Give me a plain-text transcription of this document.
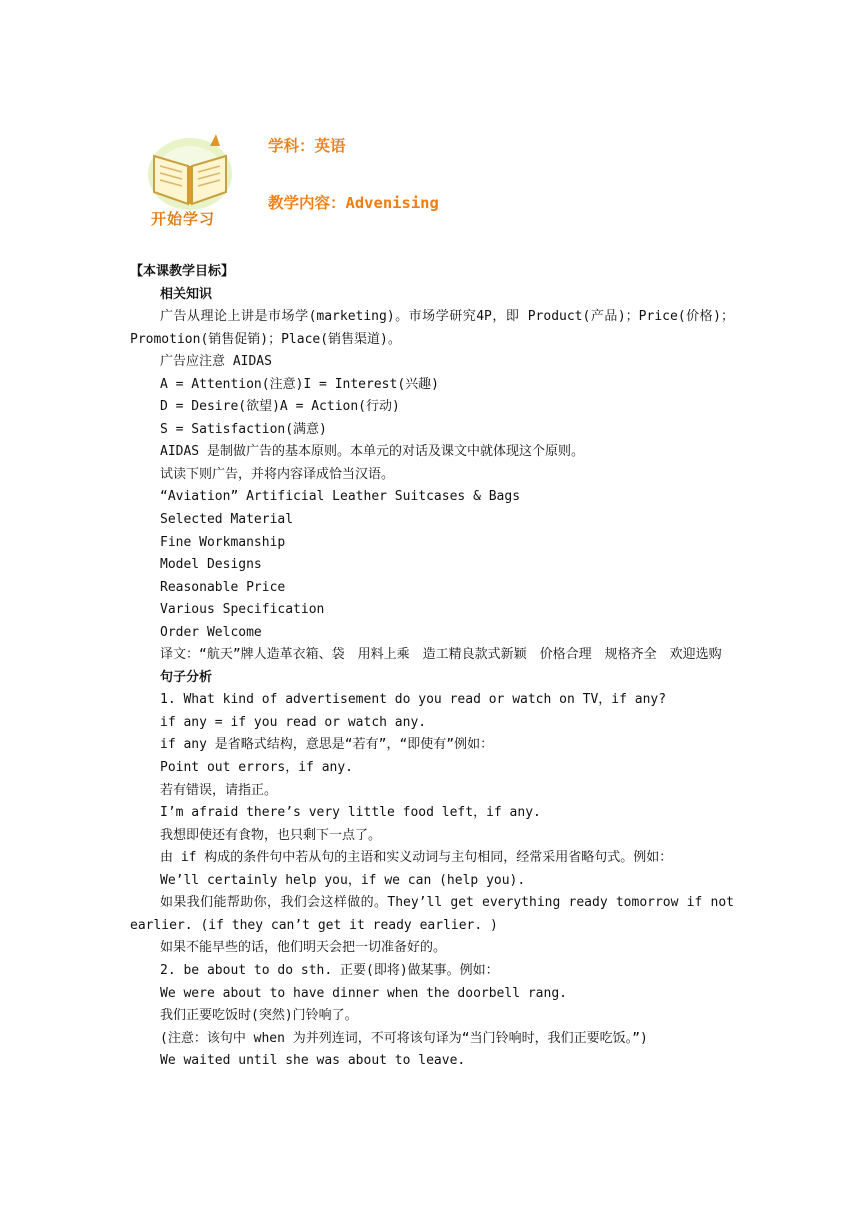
开始学习
学科：英语
教学内容：Advenising
【本课教学目标】
相关知识
广告从理论上讲是市场学(marketing)。市场学研究4P，即 Product(产品)；Price(价格)；Promotion(销售促销)；Place(销售渠道)。
广告应注意 AIDAS
A = Attention(注意)I = Interest(兴趣)
D = Desire(欲望)A = Action(行动)
S = Satisfaction(满意)
AIDAS 是制做广告的基本原则。本单元的对话及课文中就体现这个原则。
试读下则广告，并将内容译成恰当汉语。
“Aviation” Artificial Leather Suitcases & Bags
Selected Material
Fine Workmanship
Model Designs
Reasonable Price
Various Specification
Order Welcome
译文：“航天”牌人造革衣箱、袋　用料上乘　造工精良款式新颖　价格合理　规格齐全　欢迎选购
句子分析
1. What kind of advertisement do you read or watch on TV，if any?
if any = if you read or watch any.
if any 是省略式结构，意思是“若有”，“即使有”例如：
Point out errors，if any.
若有错误，请指正。
I’m afraid there’s very little food left，if any.
我想即使还有食物，也只剩下一点了。
由 if 构成的条件句中若从句的主语和实义动词与主句相同，经常采用省略句式。例如：
We’ll certainly help you，if we can (help you).
如果我们能帮助你，我们会这样做的。They’ll get everything ready tomorrow if not earlier. (if they can’t get it ready earlier. )
如果不能早些的话，他们明天会把一切准备好的。
2. be about to do sth. 正要(即将)做某事。例如：
We were about to have dinner when the doorbell rang.
我们正要吃饭时(突然)门铃响了。
(注意：该句中 when 为并列连词，不可将该句译为“当门铃响时，我们正要吃饭。”)
We waited until she was about to leave.
